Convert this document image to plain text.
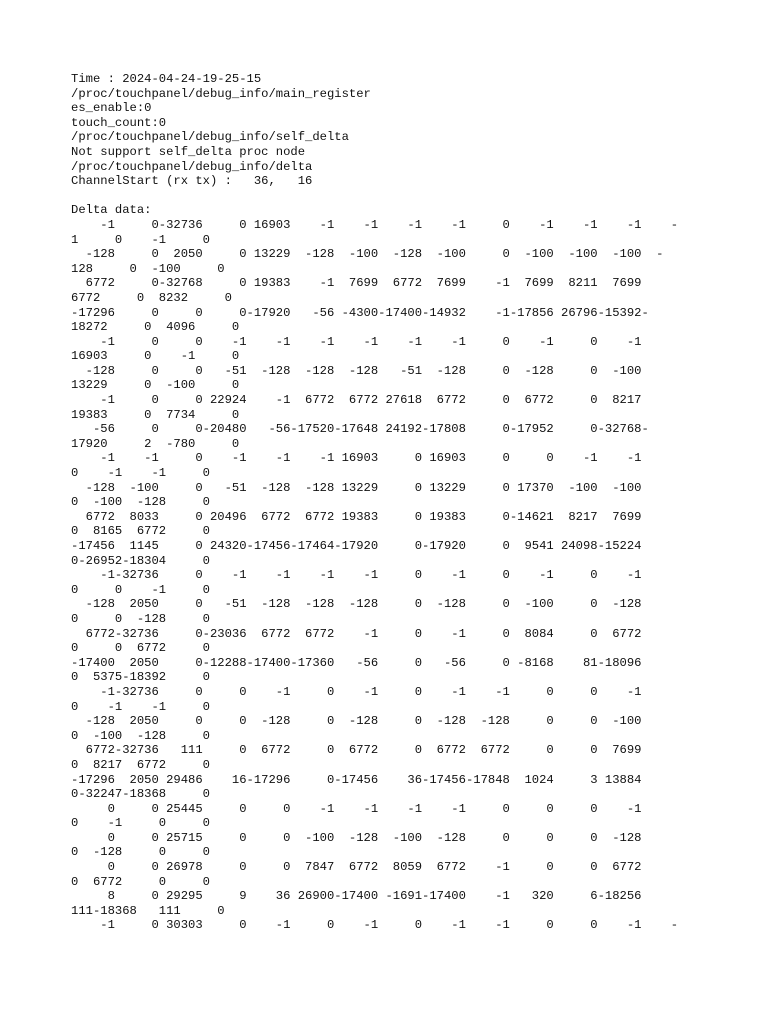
Time : 2024-04-24-19-25-15
/proc/touchpanel/debug_info/main_register
es_enable:0
touch_count:0
/proc/touchpanel/debug_info/self_delta
Not support self_delta proc node
/proc/touchpanel/debug_info/delta
ChannelStart (rx tx) :   36,   16
Delta data:
-1     0-32736     0 16903    -1    -1    -1    -1     0    -1    -1    -1    -
1     0    -1     0
-128     0  2050     0 13229  -128  -100  -128  -100     0  -100  -100  -100  -
128     0  -100     0
6772     0-32768     0 19383    -1  7699  6772  7699    -1  7699  8211  7699
6772     0  8232     0
-17296     0     0     0-17920   -56 -4300-17400-14932    -1-17856 26796-15392-
18272     0  4096     0
-1     0     0    -1    -1    -1    -1    -1    -1     0    -1     0    -1
16903     0    -1     0
-128     0     0   -51  -128  -128  -128   -51  -128     0  -128     0  -100
13229     0  -100     0
-1     0     0 22924    -1  6772  6772 27618  6772     0  6772     0  8217
19383     0  7734     0
-56     0     0-20480   -56-17520-17648 24192-17808     0-17952     0-32768-
17920     2  -780     0
-1    -1     0    -1    -1    -1 16903     0 16903     0     0    -1    -1
0    -1    -1     0
-128  -100     0   -51  -128  -128 13229     0 13229     0 17370  -100  -100
0  -100  -128     0
6772  8033     0 20496  6772  6772 19383     0 19383     0-14621  8217  7699
0  8165  6772     0
-17456  1145     0 24320-17456-17464-17920     0-17920     0  9541 24098-15224
0-26952-18304     0
-1-32736     0    -1    -1    -1    -1     0    -1     0    -1     0    -1
0     0    -1     0
-128  2050     0   -51  -128  -128  -128     0  -128     0  -100     0  -128
0     0  -128     0
6772-32736     0-23036  6772  6772    -1     0    -1     0  8084     0  6772
0     0  6772     0
-17400  2050     0-12288-17400-17360   -56     0   -56     0 -8168    81-18096
0  5375-18392     0
-1-32736     0     0    -1     0    -1     0    -1    -1     0     0    -1
0    -1    -1     0
-128  2050     0     0  -128     0  -128     0  -128  -128     0     0  -100
0  -100  -128     0
6772-32736   111     0  6772     0  6772     0  6772  6772     0     0  7699
0  8217  6772     0
-17296  2050 29486    16-17296     0-17456    36-17456-17848  1024     3 13884
0-32247-18368     0
0     0 25445     0     0    -1    -1    -1    -1     0     0     0    -1
0    -1     0     0
0     0 25715     0     0  -100  -128  -100  -128     0     0     0  -128
0  -128     0     0
0     0 26978     0     0  7847  6772  8059  6772    -1     0     0  6772
0  6772     0     0
8     0 29295     9    36 26900-17400 -1691-17400    -1   320     6-18256
111-18368   111     0
-1     0 30303     0    -1     0    -1     0    -1    -1     0     0    -1    -
